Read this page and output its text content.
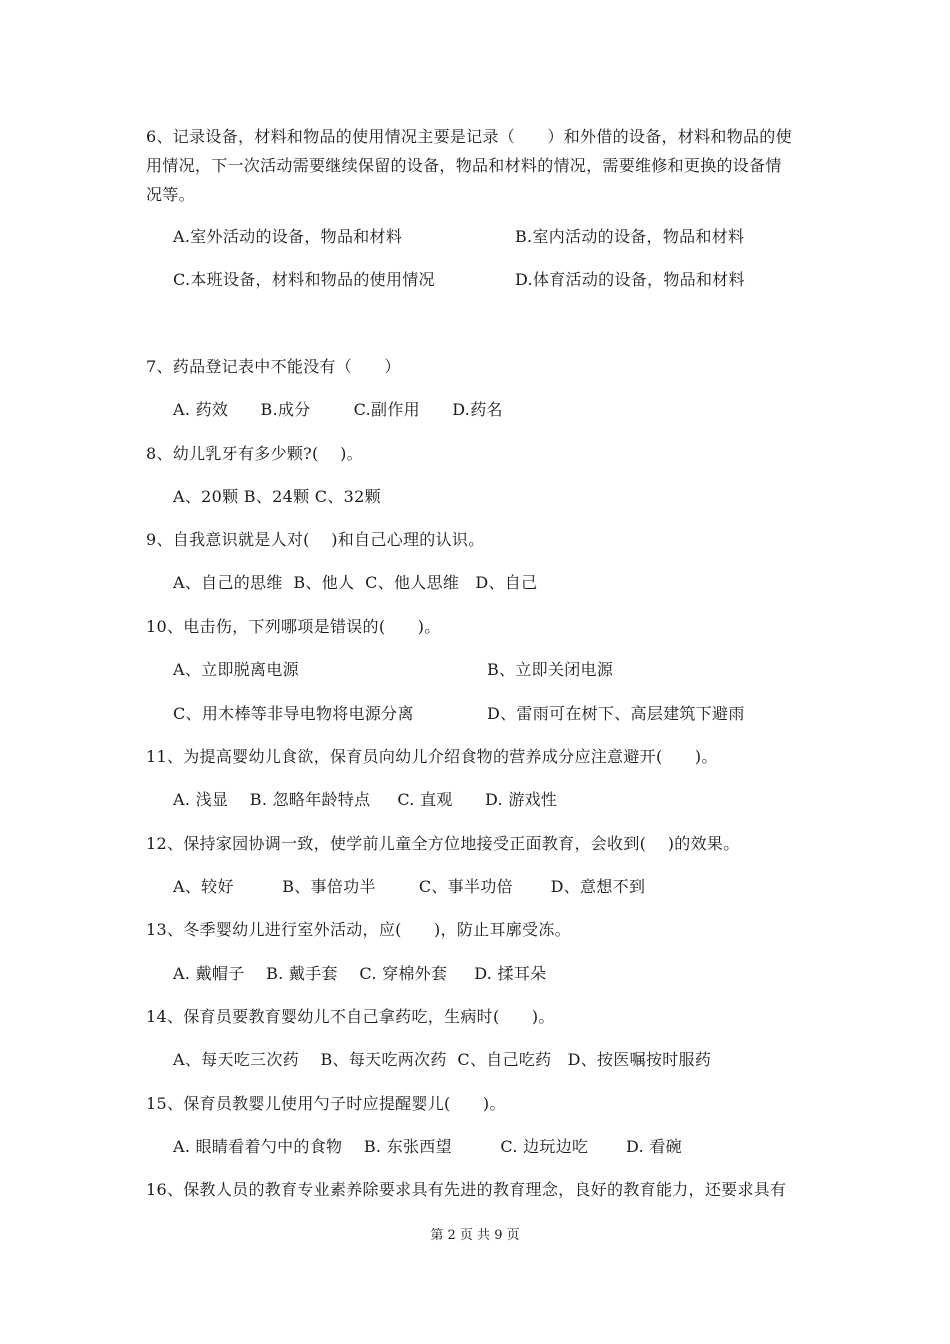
6、记录设备，材料和物品的使用情况主要是记录（      ）和外借的设备，材料和物品的使
用情况，下一次活动需要继续保留的设备，物品和材料的情况，需要维修和更换的设备情
况等。
A.室外活动的设备，物品和材料	B.室内活动的设备，物品和材料
C.本班设备，材料和物品的使用情况	D.体育活动的设备，物品和材料
7、药品登记表中不能没有（      ）
A. 药效      B.成分        C.副作用      D.药名
8、幼儿乳牙有多少颗?(    )。
A、20颗 B、24颗 C、32颗
9、自我意识就是人对(    )和自己心理的认识。
A、自己的思维  B、他人  C、他人思维   D、自己
10、电击伤，下列哪项是错误的(      )。
A、立即脱离电源	B、立即关闭电源
C、用木棒等非导电物将电源分离	D、雷雨可在树下、高层建筑下避雨
11、为提高婴幼儿食欲，保育员向幼儿介绍食物的营养成分应注意避开(      )。
A. 浅显    B. 忽略年龄特点     C. 直观      D. 游戏性
12、保持家园协调一致，使学前儿童全方位地接受正面教育，会收到(    )的效果。
A、较好         B、事倍功半        C、事半功倍       D、意想不到
13、冬季婴幼儿进行室外活动，应(      )，防止耳廓受冻。
A. 戴帽子    B. 戴手套    C. 穿棉外套     D. 揉耳朵
14、保育员要教育婴幼儿不自己拿药吃，生病时(      )。
A、每天吃三次药    B、每天吃两次药  C、自己吃药   D、按医嘱按时服药
15、保育员教婴儿使用勺子时应提醒婴儿(      )。
A. 眼睛看着勺中的食物    B. 东张西望         C. 边玩边吃       D. 看碗
16、保教人员的教育专业素养除要求具有先进的教育理念，良好的教育能力，还要求具有
第 2 页 共 9 页
